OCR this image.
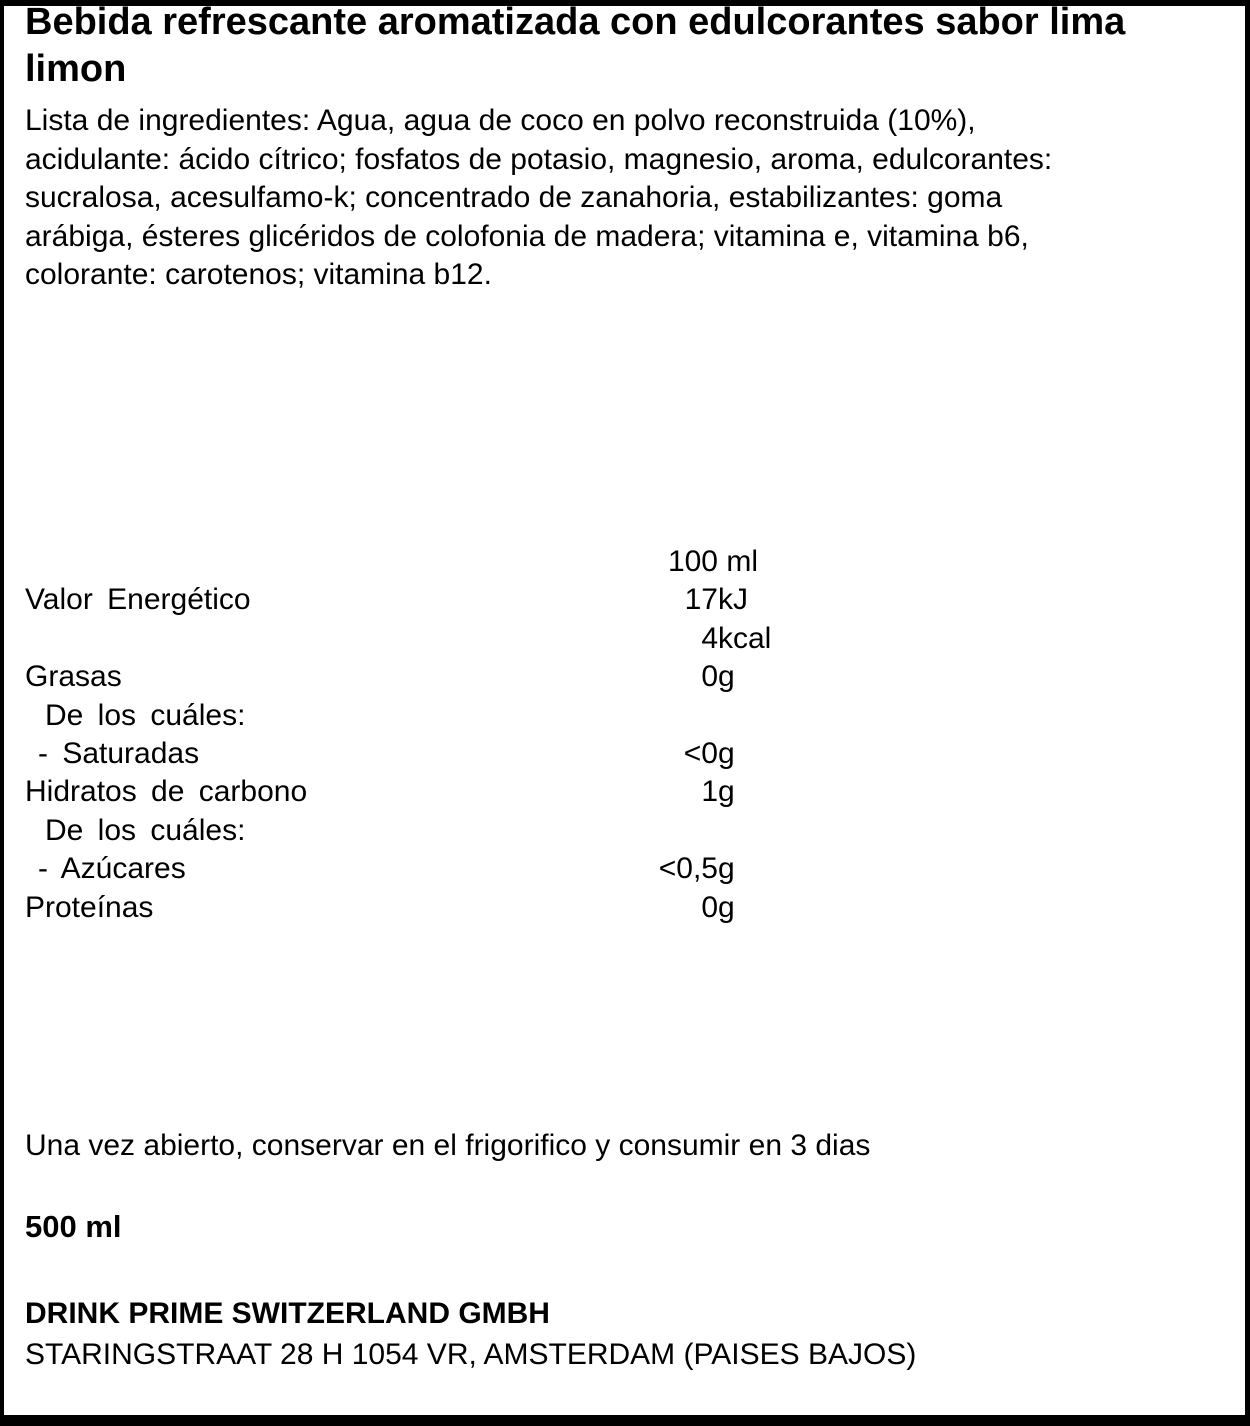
Bebida refrescante aromatizada con edulcorantes sabor lima
limon
Lista de ingredientes: Agua, agua de coco en polvo reconstruida (10%),
acidulante: ácido cítrico; fosfatos de potasio, magnesio, aroma, edulcorantes:
sucralosa, acesulfamo-k; concentrado de zanahoria, estabilizantes: goma
arábiga, ésteres glicéridos de colofonia de madera; vitamina e, vitamina b6,
colorante: carotenos; vitamina b12.
100 ml
Valor Energético	17 kJ
4 kcal
Grasas	0 g
De los cuáles:
- Saturadas	<0 g
Hidratos de carbono	1 g
De los cuáles:
- Azúcares	<0,5 g
Proteínas	0 g
Una vez abierto, conservar en el frigorifico y consumir en 3 dias
500 ml
DRINK PRIME SWITZERLAND GMBH
STARINGSTRAAT 28 H 1054 VR, AMSTERDAM (PAISES BAJOS)
